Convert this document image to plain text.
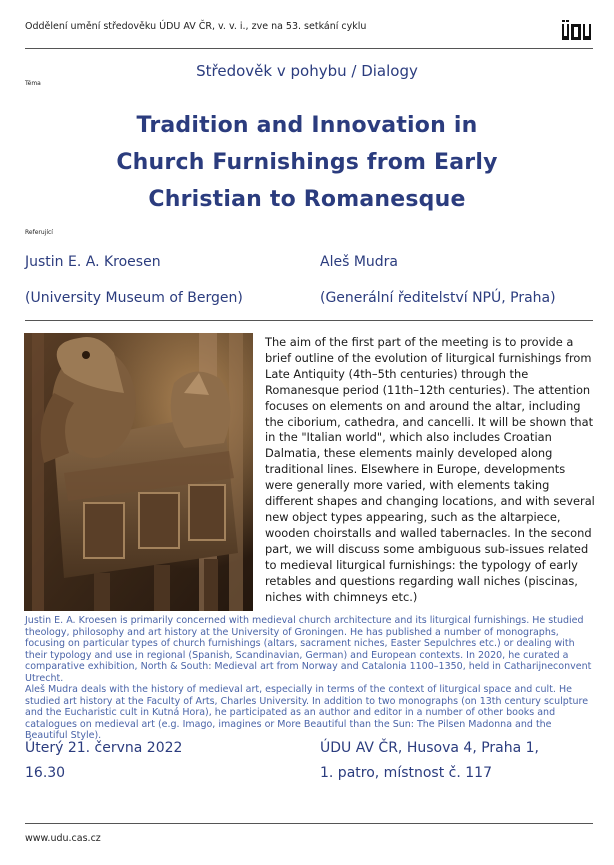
Oddělení umění středověku ÚDU AV ČR, v. v. i., zve na 53. setkání cyklu
Téma
Středověk v pohybu / Dialogy
Tradition and Innovation in
Church Furnishings from Early
Christian to Romanesque
Referující
Justin E. A. Kroesen
(University Museum of Bergen)
Aleš Mudra
(Generální ředitelství NPÚ, Praha)
The aim of the first part of the meeting is to provide a brief outline of the evolution of liturgical furnishings from Late Antiquity (4th–5th centuries) through the Romanesque period (11th–12th centuries). The attention focuses on elements on and around the altar, including the ciborium, cathedra, and cancelli. It will be shown that in the "Italian world", which also includes Croatian Dalmatia, these elements mainly developed along traditional lines. Elsewhere in Europe, developments were generally more varied, with elements taking different shapes and changing locations, and with several new object types appearing, such as the altarpiece, wooden choirstalls and walled tabernacles. In the second part, we will discuss some ambiguous sub-issues related to medieval liturgical furnishings: the typology of early retables and questions regarding wall niches (piscinas, niches with chimneys etc.)
Justin E. A. Kroesen is primarily concerned with medieval church architecture and its liturgical furnishings. He studied theology, philosophy and art history at the University of Groningen. He has published a number of monographs, focusing on particular types of church furnishings (altars, sacrament niches, Easter Sepulchres etc.) or dealing with their typology and use in regional (Spanish, Scandinavian, German) and European contexts. In 2020, he curated a comparative exhibition, North & South: Medieval art from Norway and Catalonia 1100–1350, held in Catharijneconvent Utrecht.
Aleš Mudra deals with the history of medieval art, especially in terms of the context of liturgical space and cult. He studied art history at the Faculty of Arts, Charles University. In addition to two monographs (on 13th century sculpture and the Eucharistic cult in Kutná Hora), he participated as an author and editor in a number of other books and catalogues on medieval art (e.g. Imago, imagines or More Beautiful than the Sun: The Pilsen Madonna and the Beautiful Style).
Úterý 21. června 2022
16.30
ÚDU AV ČR, Husova 4, Praha 1,
1. patro, místnost č. 117
www.udu.cas.cz
